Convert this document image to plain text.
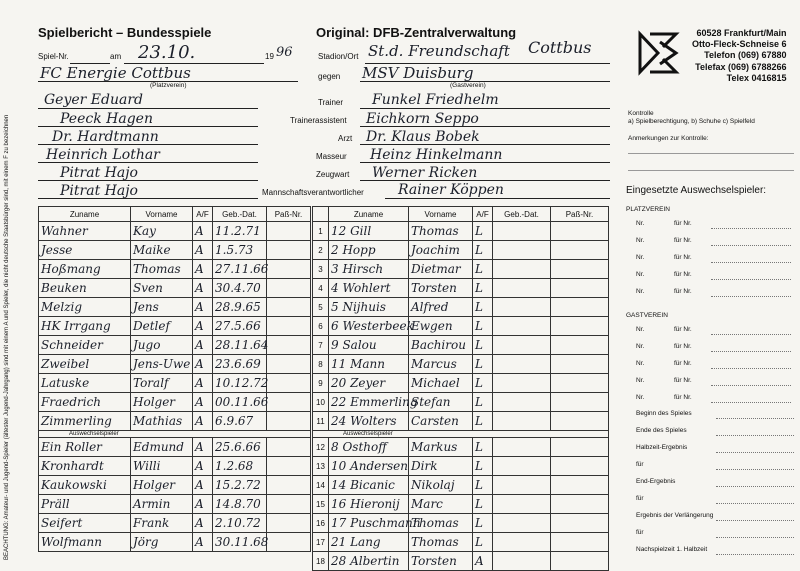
BEACHTUNG: Amateur- und Jugend-Spieler (ältester Jugend-Jahrgang) sind mit einem A und Spieler, die nicht deutsche Staatsbürger sind, mit einem F zu bezeichnen
Spielbericht – Bundesspiele	Original: DFB-Zentralverwaltung	60528 Frankfurt/Main
Otto-Fleck-Schneise 6
Telefon (069) 67880
Telefax (069) 6788266
Telex 0416815
Spiel-Nr.	am 23.10.	19 96	Stadion/Ort St.d. Freundschaft Cottbus
FC Energie Cottbus
(Platzverein)
gegen MSV Duisburg
(Gastverein)
Geyer Eduard	Trainer Funkel Friedhelm
Peeck Hagen	Trainerassistent Eichkorn Seppo
Dr. Hardtmann	Arzt Dr. Klaus Bobek
Heinrich Lothar	Masseur Heinz Hinkelmann
Pitrat Hajo	Zeugwart Werner Ricken
Pitrat Hajo	Mannschaftsverantwortlicher Rainer Köppen
Zuname	Vorname	A/F	Geb.-Dat.	Paß-Nr.
Wahner	Kay	A	11.2.71	
Jesse	Maike	A	1.5.73	
Hoßmang	Thomas	A	27.11.66	
Beuken	Sven	A	30.4.70	
Melzig	Jens	A	28.9.65	
HK Irrgang	Detlef	A	27.5.66	
Schneider	Jugo	A	28.11.64	
Zweibel	Jens-Uwe	A	23.6.69	
Latuske	Toralf	A	10.12.72	
Fraedrich	Holger	A	00.11.66	
Zimmerling	Mathias	A	6.9.67	
Auswechselspieler				
Ein Roller	Edmund	A	25.6.66	
Kronhardt	Willi	A	1.2.68	
Kaukowski	Holger	A	15.2.72	
Präll	Armin	A	14.8.70	
Seifert	Frank	A	2.10.72	
Wolfmann	Jörg	A	30.11.68	
	Zuname	Vorname	A/F	Geb.-Dat.	Paß-Nr.
1	12 Gill	Thomas	L		
2	2 Hopp	Joachim	L		
3	3 Hirsch	Dietmar	L		
4	4 Wohlert	Torsten	L		
5	5 Nijhuis	Alfred	L		
6	6 Westerbeek	Ewgen	L		
7	9 Salou	Bachirou	L		
8	11 Mann	Marcus	L		
9	20 Zeyer	Michael	L		
10	22 Emmerling	Stefan	L		
11	24 Wolters	Carsten	L		
Auswechselspieler					
12	8 Osthoff	Markus	L		
13	10 Andersen	Dirk	L		
14	14 Bicanic	Nikolaj	L		
15	16 Hieronij	Marc	L		
16	17 Puschmann	Thomas	L		
17	21 Lang	Thomas	L		
18	28 Albertin	Torsten	A		
Kontrolle
a) Spielberechtigung, b) Schuhe c) Spielfeld
Anmerkungen zur Kontrolle:
Eingesetzte Auswechselspieler:
PLATZVEREIN
GASTVEREIN
Nr.	für Nr.
Nr.	für Nr.
Nr.	für Nr.
Nr.	für Nr.
Nr.	für Nr.
Nr.	für Nr.
Nr.	für Nr.
Nr.	für Nr.
Nr.	für Nr.
Nr.	für Nr.
Beginn des Spieles
Ende des Spieles
Halbzeit-Ergebnis
für
End-Ergebnis
für
Ergebnis der Verlängerung
für
Nachspielzeit 1. Halbzeit
